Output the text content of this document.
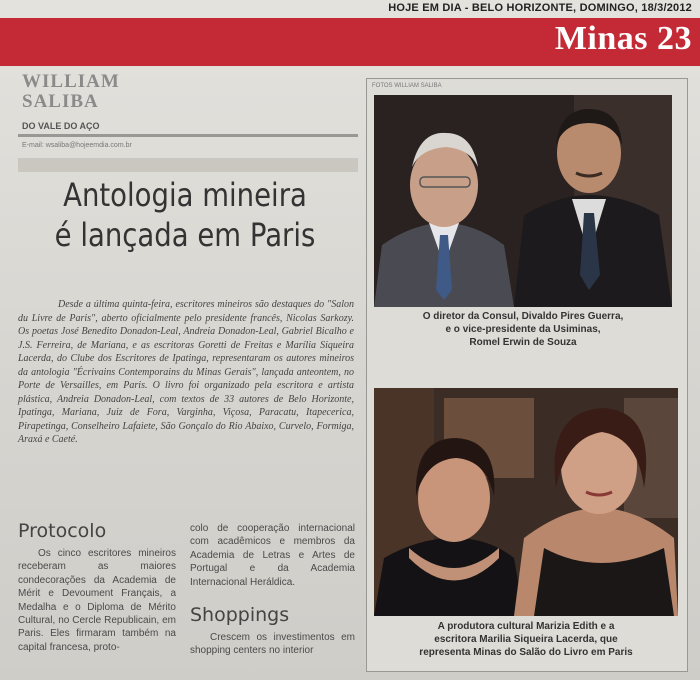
HOJE EM DIA - BELO HORIZONTE, DOMINGO, 18/3/2012
Minas 23
WILLIAM
SALIBA
DO VALE DO AÇO
E-mail: wsaliba@hojeemdia.com.br
Antologia mineira
é lançada em Paris
Desde a última quinta-feira, escritores mineiros são destaques do "Salon du Livre de Paris", aberto oficialmente pelo presidente francês, Nicolas Sarkozy. Os poetas José Benedito Donadon-Leal, Andreia Donadon-Leal, Gabriel Bicalho e J.S. Ferreira, de Mariana, e as escritoras Goretti de Freitas e Marília Siqueira Lacerda, do Clube dos Escritores de Ipatinga, representaram os autores mineiros da antologia "Écrivains Contemporains du Minas Gerais", lançada anteontem, no Porte de Versailles, em Paris. O livro foi organizado pela escritora e artista plástica, Andreia Donadon-Leal, com textos de 33 autores de Belo Horizonte, Ipatinga, Mariana, Juiz de Fora, Varginha, Viçosa, Paracatu, Itapecerica, Pirapetinga, Conselheiro Lafaiete, São Gonçalo do Rio Abaixo, Curvelo, Formiga, Araxá e Caeté.
Protocolo
Os cinco escritores mineiros receberam as maiores condecorações da Academia de Mérit e Devoument Français, a Medalha e o Diploma de Mérito Cultural, no Cercle Republicain, em Paris. Eles firmaram também na capital francesa, proto-
colo de cooperação internacional com acadêmicos e membros da Academia de Letras e Artes de Portugal e da Academia Internacional Heráldica.
Shoppings
Crescem os investimentos em shopping centers no interior
FOTOS WILLIAM SALIBA
O diretor da Consul, Divaldo Pires Guerra,
e o vice-presidente da Usiminas,
Romel Erwin de Souza
A produtora cultural Marizia Edith e a
escritora Marilia Siqueira Lacerda, que
representa Minas do Salão do Livro em Paris
